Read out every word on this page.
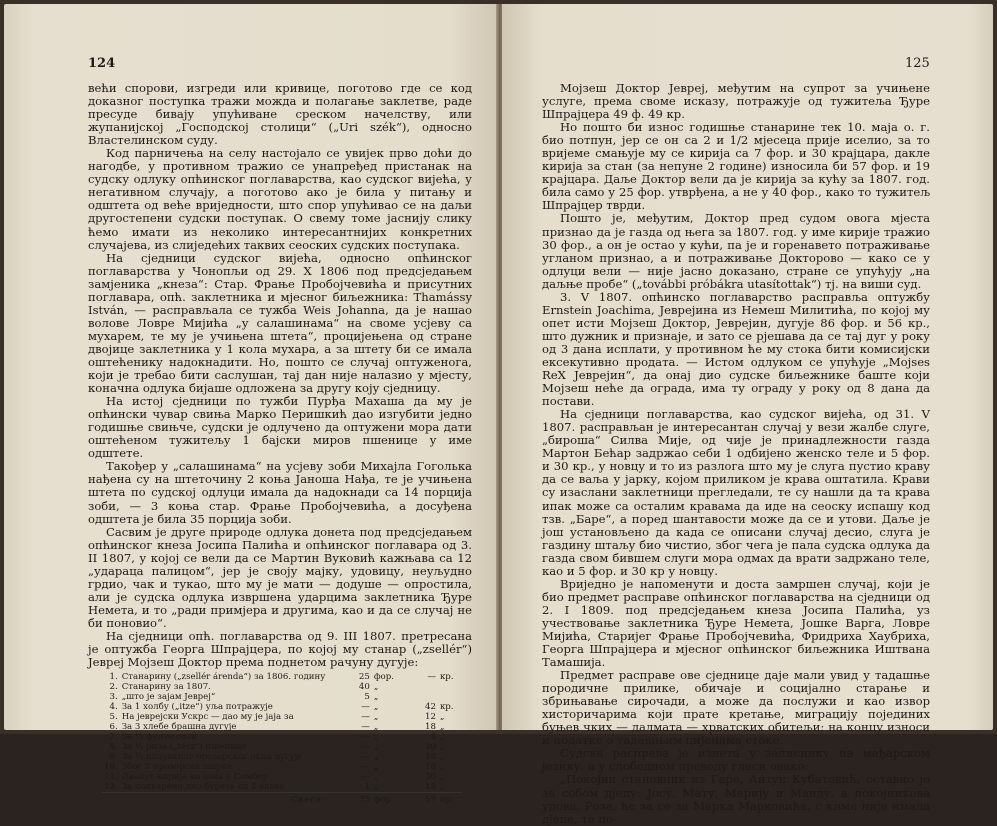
124

већи спорови, изгреди или кривице, поготово где се код доказног поступка тражи можда и полагање заклетве, раде пресуде бивају упућиване среском начелству, или жупанијској „Господској столици“ („Uri szék“), односно Властелинском суду.

Код парничења на селу настојало се увијек прво доћи до нагодбе, у противном тражио се унапређед пристанак на судску одлуку опћинског поглаварства, као судског вијећа, у негативном случају, а поготово ако је била у питању и одштета од веће вриједности, што спор упућивао се на даљи другостепени судски поступак. О свему томе јаснију слику ћемо имати из неколико интересантнијих конкретних случајева, из слиједећих таквих сеоских судских поступака.

На сједници судског вијећа, односно опћинског поглаварства у Чонопљи од 29. X 1806 под предсједањем замјеника „кнеза“: Стар. Фрање Пробојчевића и присутних поглавара, опћ. заклетника и мјесног биљежника: Thamássy István, — расправљала се тужба Weis Johanna, да је нашао волове Ловре Мијића „у салашинама“ на своме усјеву са мухарем, те му је учињена штета“, процијењена од стране двојице заклетника у 1 кола мухара, а за штету би се имала оштећенику надокнадити. Но, пошто се случај оптуженога, који је требао бити саслушан, тај дан није налазио у мјесту, коначна одлука бијаше одложена за другу коју сједницу.

На истој сједници по тужби Пурђа Махаша да му је опћински чувар свиња Марко Перишкић дао изгубити једно годишње свињче, судски је одлучено да оптужени мора дати оштећеном тужитељу 1 бајски миров пшенице у име одштете.

Такођер у „салашинама“ на усјеву зоби Михајла Гоголька нађена су на штеточину 2 коња Јаноша Нађа, те је учињена штета по судској одлуци имала да надокнади са 14 порција зоби, — 3 коња стар. Фрање Пробојчевића, а досуђена одштета је била 35 порција зоби.

Сасвим је друге природе одлука донета под предсједањем опћинског кнеза Јосипа Палића и опћинског поглавара од 3. II 1807, у којој се вели да се Мартин Вуковић кажњава са 12 „удараца палицом“, јер је своју мајку, удовицу, неуљудно грдио, чак и тукао, што му је мати — додуше — опростила, али је судска одлука извршена ударцима заклетника Ђуре Немета, и то „ради примјера и другима, као и да се случај не би поновио“.

На сједници опћ. поглаварства од 9. III 1807. претресана је оптужба Георга Шпрајцера, по којој му станар („zsellér“) Јеврej Мојзеш Доктор према поднетом рачуну дугује:

1.	Станарину („zsellér árenda“) за 1806. годину	25	фор.	—	кр.
2.	Станарину за 1807.	40	„		
3.	„што је зајам Јеврej“	5	„		
4.	За 1 холбу („itze“) уља потражује	—	„	42	кр.
5.	На јеврејски Ускрс — дао му је јаја за	—	„	12	„
6.	За 3 хлебе брашна дугује	—	„	18	„
7.	За ¹⁄₂ фунте соли	—	„	4	„
8.	За ¹⁄₂ риза („tész“) пшенице	—	„	20	„
9.	За ¹⁄₂ полуокног прозорског окна дугује	—	„	18	„
10.	Због 2 прозорске шарке	—	„	18	„
11.	Двапут кирија колима у Сомбор	—	„	30	„
12.	За покварено дно бурета од 4 акова	1	„	15	„
	Свега:	73	фор.	57	кр.
125

Мојзеш Доктор Јеврej, међутим на супрот за учињене услуге, према своме исказу, потражује од тужитеља Ђуре Шпрајцера 49 ф. 49 кр.

Но пошто би износ годишње станарине тек 10. маја о. г. био потпун, јер се он са 2 и 1/2 мјесеца прије иселио, за то вријеме смањује му се кирија са 7 фор. и 30 крајцара, дакле кирија за стан (за непуне 2 године) износила би 57 фор. и 19 крајцара. Даље Доктор вели да је кирија за кућу за 1807. год. била само у 25 фор. утврђена, а не у 40 фор., како то тужитељ Шпрајцер тврди.

Пошто је, међутим, Доктор пред судом овога мјеста признао да је газда од њега за 1807. год. у име кирије тражио 30 фор., а он је остао у кући, па је и горенавето потраживање угланом признао, а и потраживање Докторово — како се у одлуци вели — није јасно доказано, стране се упућују „на даљње пробе“ („további próbákra utasítottak“) тј. на виши суд.

3. V 1807. опћинско поглаварство расправља оптужбу Ernstein Joachima, Јеврејина из Немеш Милитића, по којој му опет исти Мојзеш Доктор, Јеврејин, дугује 86 фор. и 56 кр., што дужник и признаје, и зато се рјешава да се тај дуг у року од 3 дана исплати, у противном ће му стока бити комисијски ексекутивно продата. — Истом одлуком се упућује „Mojses ReX Јеврejин“, да онај дио судске биљежнике баште који Мојзеш неће да ограда, има ту ограду у року од 8 дана да постави.

На сједници поглаварства, као судског вијећа, од 31. V 1807. расправљан је интересантан случај у вези жалбе слуге, „бироша“ Силва Мије, од чије је принадлежности газда Мартон Бећар задржао себи 1 одбијено женско теле и 5 фор. и 30 кр., у новцу и то из разлога што му је слуга пустио краву да се ваља у јарку, којом приликом је крава оштатила. Крави су изаслани заклетници прегледали, те су нашли да та крава ипак може са осталим кравама да иде на сеоску испашу код тзв. „Баре“, а поред шантавости може да се и утови. Даље је још установљено да када се описани случај десио, слуга је газдину штаљу био чистио, због чега је пала судска одлука да газда свом бившем слуги мора одмах да врати задржано теле, као и 5 фор. и 30 кр у новцу.

Вриједно је напоменути и доста замршен случај, који је био предмет расправе опћинског поглаварства на сједници од 2. I 1809. под предсједањем кнеза Јосипа Палића, уз учествовање заклетника Ђуре Немета, Јошке Варга, Ловре Мијића, Старијег Фрање Пробојчевића, Фридриха Хаубриха, Георга Шпрајцера и мјесног опћинског биљежника Иштвана Тамашија.

Предмет расправе ове сједнице даје мали увид у тадашње породичне прилике, обичаје и социјално старање и збрињавање сирочади, а може да послужи и као извор хисторичарима који прате кретање, миграцију појединих буњев чких — далмата — хрватских обитељи; на концу износи и податке о тадашњим цијенама стоке.

Судска расправа је изнета у записнику на мађарском језику, а у слободном преводу гласи овако:

„Покојни становник из Гаре, Антун Кубатовић, оставио је за собом дјецу: Јосу, Мату, Марију и Манду, а покојникова удова, Роза, ће за се за Марка Марковића, с киме није имала дјеце, те по-
